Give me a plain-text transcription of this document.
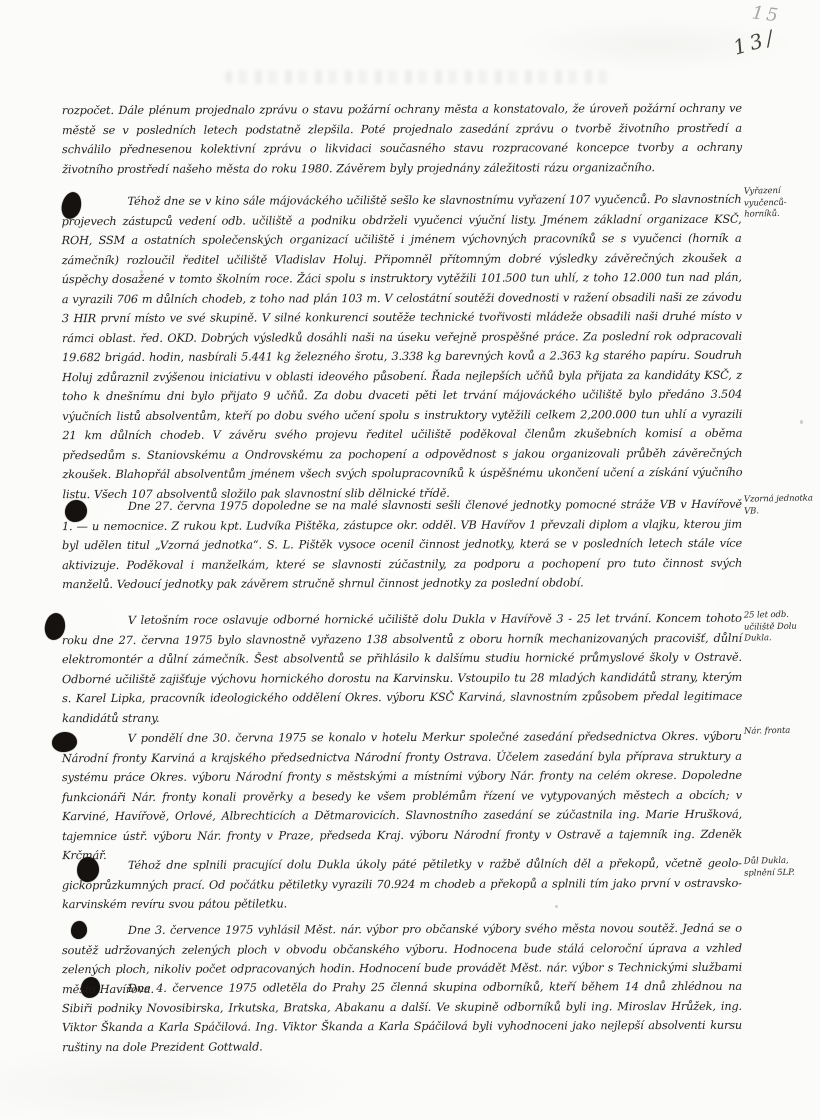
15
13/
rozpočet. Dále plénum projednalo zprávu o stavu požární ochrany města a konstatovalo, že úroveň požární ochrany ve městě se v posledních letech podstatně zlepšila. Poté projednalo zasedání zprávu o tvorbě životního prostředí a schválilo přednesenou kolektivní zprávu o likvidaci současného stavu rozpracované koncepce tvorby a ochrany životního prostředí našeho města do roku 1980. Závěrem byly projednány záležitosti rázu organizačního.
Téhož dne se v kino sále májováckého učiliště sešlo ke slavnostnímu vyřazení 107 vyučenců. Po slavnostních projevech zástupců vedení odb. učiliště a podniku obdrželi vyučenci výuční listy. Jménem základní organizace KSČ, ROH, SSM a ostatních společenských organizací učiliště i jménem výchovných pracovníků se s vyučenci (horník a zámečník) rozloučil ředitel učiliště Vladislav Holuj. Připomněl přítomným dobré výsledky závěrečných zkoušek a úspěchy dosažené v tomto školním roce. Žáci spolu s instruktory vytěžili 101.500 tun uhlí, z toho 12.000 tun nad plán, a vyrazili 706 m důlních chodeb, z toho nad plán 103 m. V celostátní soutěži dovednosti v ražení obsadili naši ze závodu 3 HIR první místo ve své skupině. V silné konkurenci soutěže technické tvořivosti mládeže obsadili naši druhé místo v rámci oblast. řed. OKD. Dobrých výsledků dosáhli naši na úseku veřejně prospěšné práce. Za poslední rok odpracovali 19.682 brigád. hodin, nasbírali 5.441 kg železného šrotu, 3.338 kg barevných kovů a 2.363 kg starého papíru. Soudruh Holuj zdůraznil zvýšenou iniciativu v oblasti ideového působení. Řada nejlepších učňů byla přijata za kandidáty KSČ, z toho k dnešnímu dni bylo přijato 9 učňů. Za dobu dvaceti pěti let trvání májováckého učiliště bylo předáno 3.504 výučních listů absolventům, kteří po dobu svého učení spolu s instruktory vytěžili celkem 2,200.000 tun uhlí a vyrazili 21 km důlních chodeb. V závěru svého projevu ředitel učiliště poděkoval členům zkušebních komisí a oběma předsedům s. Staniovskému a Ondrovskému za pochopení a odpovědnost s jakou organizovali průběh závěrečných zkoušek. Blahopřál absolventům jménem všech svých spolupracovníků k úspěšnému ukončení učení a získání výučního listu. Všech 107 absolventů složilo pak slavnostní slib dělnické třídě.
Dne 27. června 1975 dopoledne se na malé slavnosti sešli členové jednotky pomocné stráže VB v Havířově 1. — u nemocnice. Z rukou kpt. Ludvíka Pištěka, zástupce okr. odděl. VB Havířov 1 převzali diplom a vlajku, kterou jim byl udělen titul „Vzorná jednotka“. S. L. Pištěk vysoce ocenil činnost jednotky, která se v posledních letech stále více aktivizuje. Poděkoval i manželkám, které se slavnosti zúčastnily, za podporu a pochopení pro tuto činnost svých manželů. Vedoucí jednotky pak závěrem stručně shrnul činnost jednotky za poslední období.
V letošním roce oslavuje odborné hornické učiliště dolu Dukla v Havířově 3 - 25 let trvání. Koncem tohoto roku dne 27. června 1975 bylo slavnostně vyřazeno 138 absolventů z oboru horník mechanizovaných pracovišť, důlní elektromontér a důlní zámečník. Šest absolventů se přihlásilo k dalšímu studiu hornické průmyslové školy v Ostravě. Odborné učiliště zajišťuje výchovu hornického dorostu na Karvinsku. Vstoupilo tu 28 mladých kandidátů strany, kterým s. Karel Lipka, pracovník ideologického oddělení Okres. výboru KSČ Karviná, slavnostním způsobem předal legitimace kandidátů strany.
V pondělí dne 30. června 1975 se konalo v hotelu Merkur společné zasedání předsednictva Okres. výboru Národní fronty Karviná a krajského předsednictva Národní fronty Ostrava. Účelem zasedání byla příprava struktury a systému práce Okres. výboru Národní fronty s městskými a místními výbory Nár. fronty na celém okrese. Dopoledne funkcionáři Nár. fronty konali prověrky a besedy ke všem problémům řízení ve vytypovaných městech a obcích; v Karviné, Havířově, Orlové, Albrechticích a Dětmarovicích. Slavnostního zasedání se zúčastnila ing. Marie Hrušková, tajemnice ústř. výboru Nár. fronty v Praze, předseda Kraj. výboru Národní fronty v Ostravě a tajemník ing. Zdeněk Krčmář.
Téhož dne splnili pracující dolu Dukla úkoly páté pětiletky v ražbě důlních děl a překopů, včetně geologickoprůzkumných prací. Od počátku pětiletky vyrazili 70.924 m chodeb a překopů a splnili tím jako první v ostravskokarvinském revíru svou pátou pětiletku.
Dne 3. července 1975 vyhlásil Měst. nár. výbor pro občanské výbory svého města novou soutěž. Jedná se o soutěž udržovaných zelených ploch v obvodu občanského výboru. Hodnocena bude stálá celoroční úprava a vzhled zelených ploch, nikoliv počet odpracovaných hodin. Hodnocení bude provádět Měst. nár. výbor s Technickými službami města Havířova.
Dne 4. července 1975 odletěla do Prahy 25 členná skupina odborníků, kteří během 14 dnů zhlédnou na Sibiři podniky Novosibirska, Irkutska, Bratska, Abakanu a další. Ve skupině odborníků byli ing. Miroslav Hrůžek, ing. Viktor Škanda a Karla Spáčilová. Ing. Viktor Škanda a Karla Spáčilová byli vyhodnoceni jako nejlepší absolventi kursu ruštiny na dole Prezident Gottwald.
Vyřazení vyučenců-horníků.
Vzorná jednotka VB.
25 let odb. učiliště Dolu Dukla.
Nár. fronta
Důl Dukla, splnění 5LP.
